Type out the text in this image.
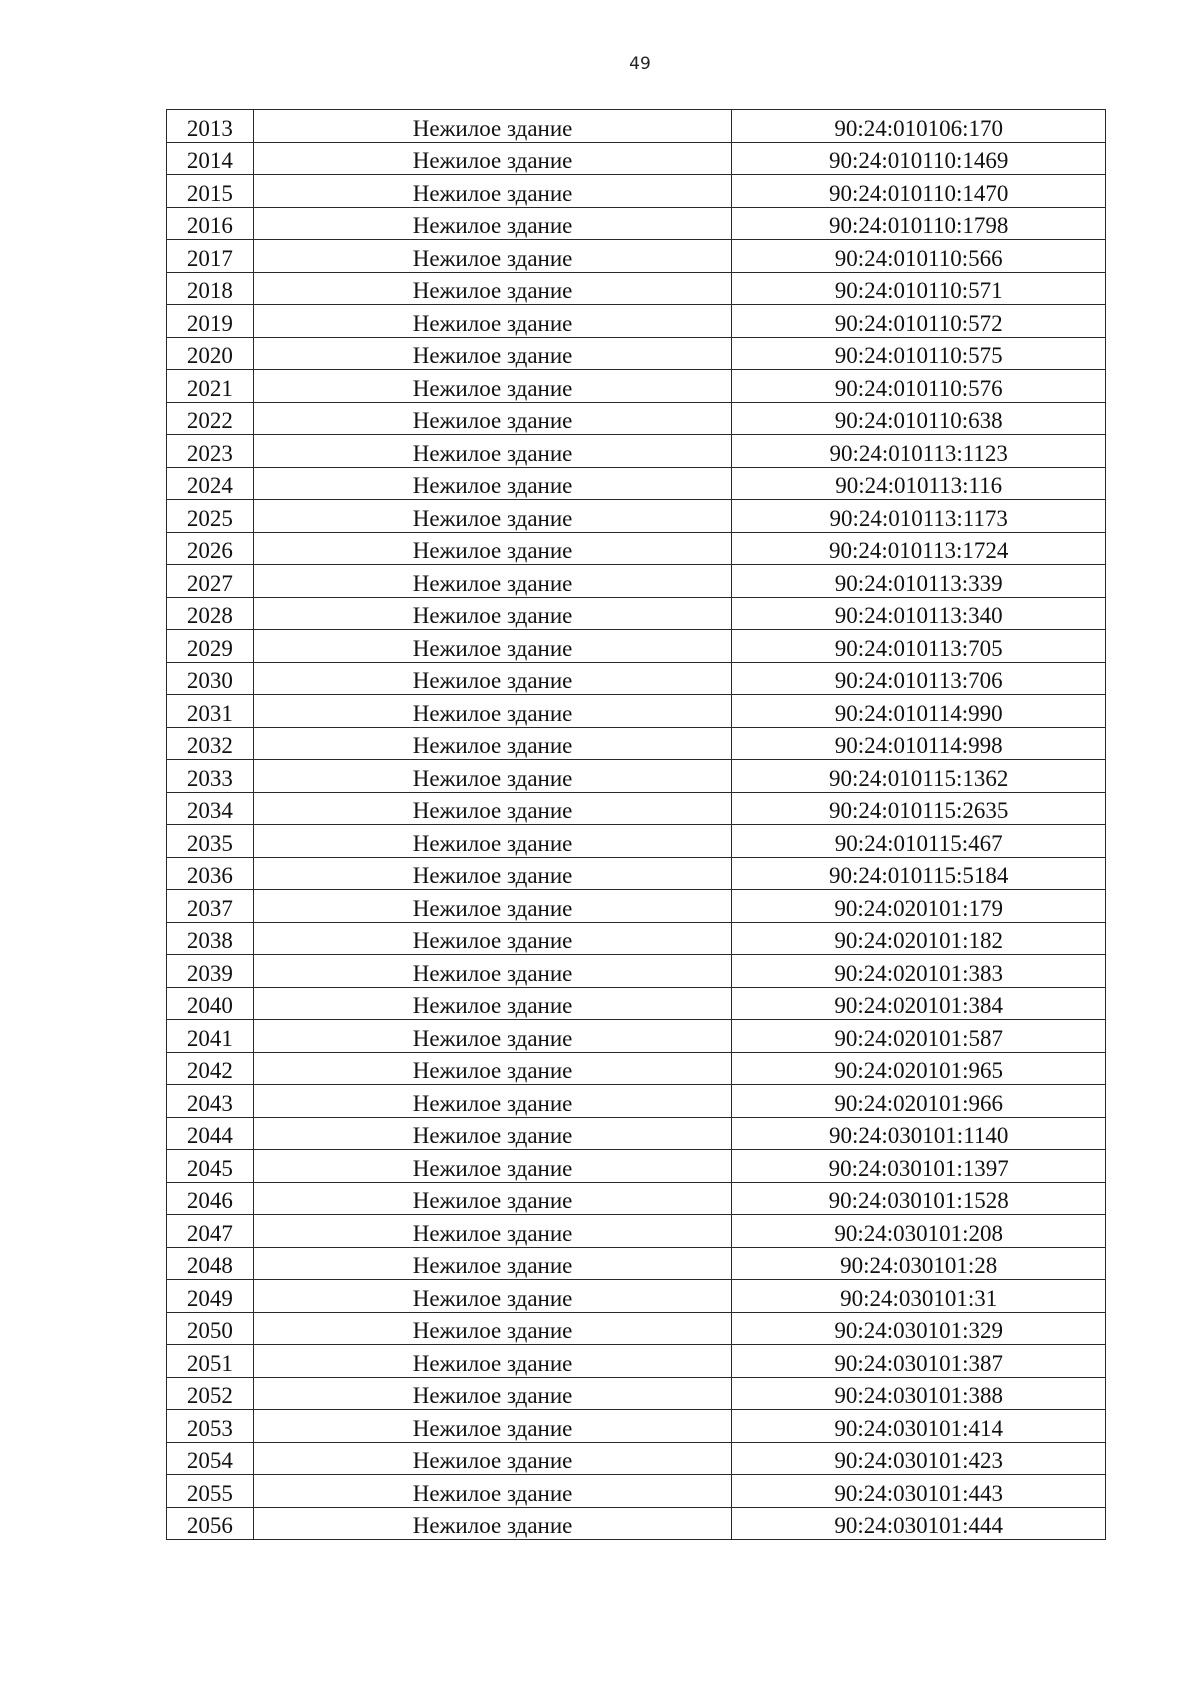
49
2013	Нежилое здание	90:24:010106:170
2014	Нежилое здание	90:24:010110:1469
2015	Нежилое здание	90:24:010110:1470
2016	Нежилое здание	90:24:010110:1798
2017	Нежилое здание	90:24:010110:566
2018	Нежилое здание	90:24:010110:571
2019	Нежилое здание	90:24:010110:572
2020	Нежилое здание	90:24:010110:575
2021	Нежилое здание	90:24:010110:576
2022	Нежилое здание	90:24:010110:638
2023	Нежилое здание	90:24:010113:1123
2024	Нежилое здание	90:24:010113:116
2025	Нежилое здание	90:24:010113:1173
2026	Нежилое здание	90:24:010113:1724
2027	Нежилое здание	90:24:010113:339
2028	Нежилое здание	90:24:010113:340
2029	Нежилое здание	90:24:010113:705
2030	Нежилое здание	90:24:010113:706
2031	Нежилое здание	90:24:010114:990
2032	Нежилое здание	90:24:010114:998
2033	Нежилое здание	90:24:010115:1362
2034	Нежилое здание	90:24:010115:2635
2035	Нежилое здание	90:24:010115:467
2036	Нежилое здание	90:24:010115:5184
2037	Нежилое здание	90:24:020101:179
2038	Нежилое здание	90:24:020101:182
2039	Нежилое здание	90:24:020101:383
2040	Нежилое здание	90:24:020101:384
2041	Нежилое здание	90:24:020101:587
2042	Нежилое здание	90:24:020101:965
2043	Нежилое здание	90:24:020101:966
2044	Нежилое здание	90:24:030101:1140
2045	Нежилое здание	90:24:030101:1397
2046	Нежилое здание	90:24:030101:1528
2047	Нежилое здание	90:24:030101:208
2048	Нежилое здание	90:24:030101:28
2049	Нежилое здание	90:24:030101:31
2050	Нежилое здание	90:24:030101:329
2051	Нежилое здание	90:24:030101:387
2052	Нежилое здание	90:24:030101:388
2053	Нежилое здание	90:24:030101:414
2054	Нежилое здание	90:24:030101:423
2055	Нежилое здание	90:24:030101:443
2056	Нежилое здание	90:24:030101:444
